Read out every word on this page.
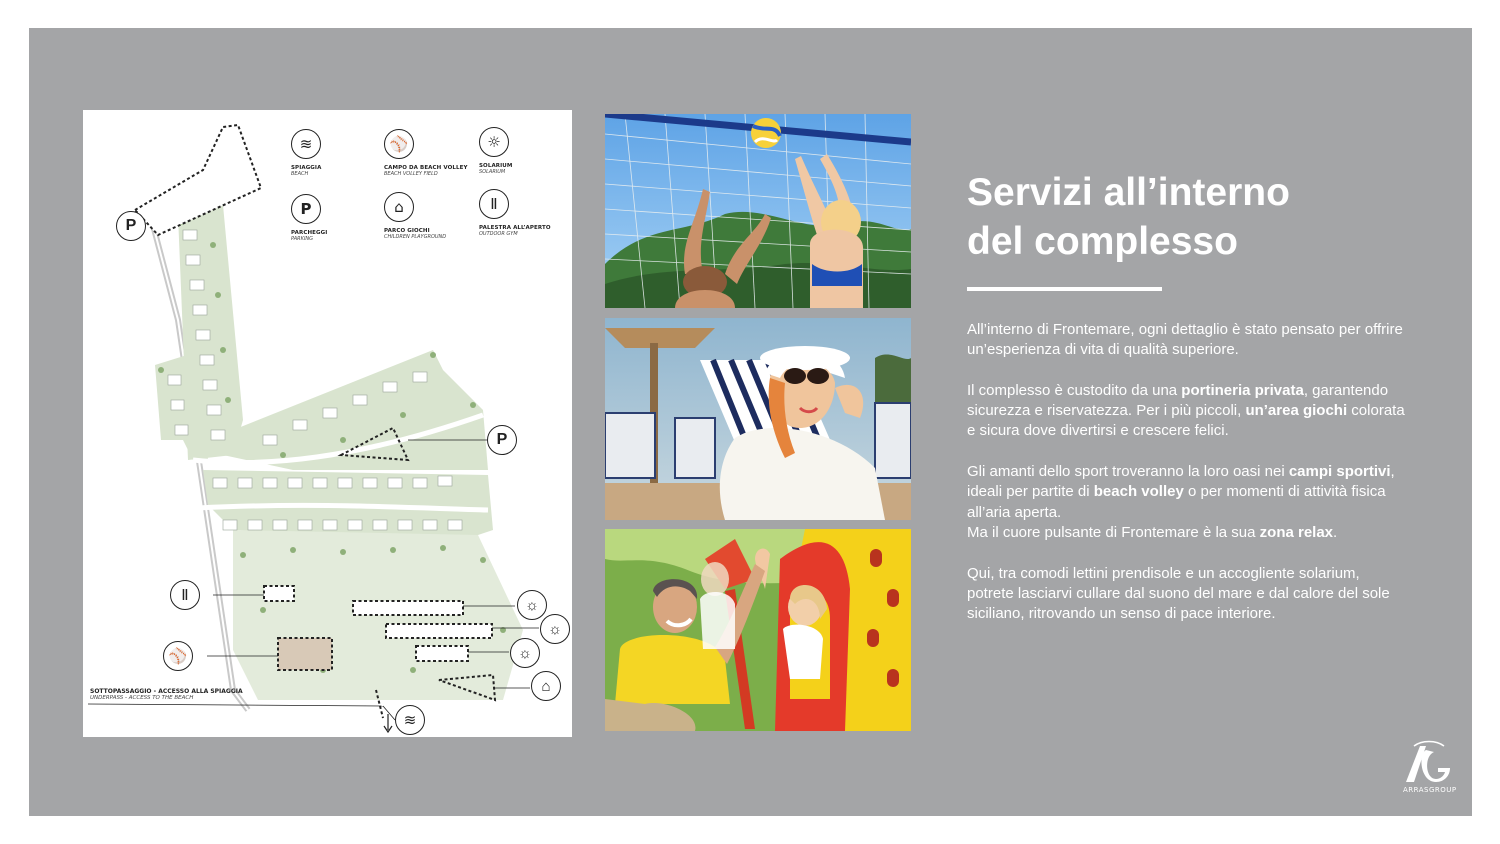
≋
SPIAGGIA
BEACH
⚾
CAMPO DA BEACH VOLLEY
BEACH VOLLEY FIELD
☼
SOLARIUM
SOLARIUM
P
PARCHEGGI
PARKING
⌂
PARCO GIOCHI
CHILDREN PLAYGROUND
Ⅱ
PALESTRA ALL’APERTO
OUTDOOR GYM
P
P
Ⅱ
⚾
☼
☼
☼
⌂
≋
SOTTOPASSAGGIO - ACCESSO ALLA SPIAGGIA
UNDERPASS - ACCESS TO THE BEACH
Servizi all’interno
del complesso

All’interno di Frontemare, ogni dettaglio è stato pensato per offrire un’esperienza di vita di qualità superiore.

Il complesso è custodito da una portineria privata, garantendo sicurezza e riservatezza. Per i più piccoli, un’area giochi colorata e sicura dove divertirsi e crescere felici.

Gli amanti dello sport troveranno la loro oasi nei campi sportivi, ideali per partite di beach volley o per momenti di attività fisica all’aria aperta.
Ma il cuore pulsante di Frontemare è la sua zona relax.

Qui, tra comodi lettini prendisole e un accogliente solarium, potrete lasciarvi cullare dal suono del mare e dal calore del sole siciliano, ritrovando un senso di pace interiore.

ARRASGROUP
